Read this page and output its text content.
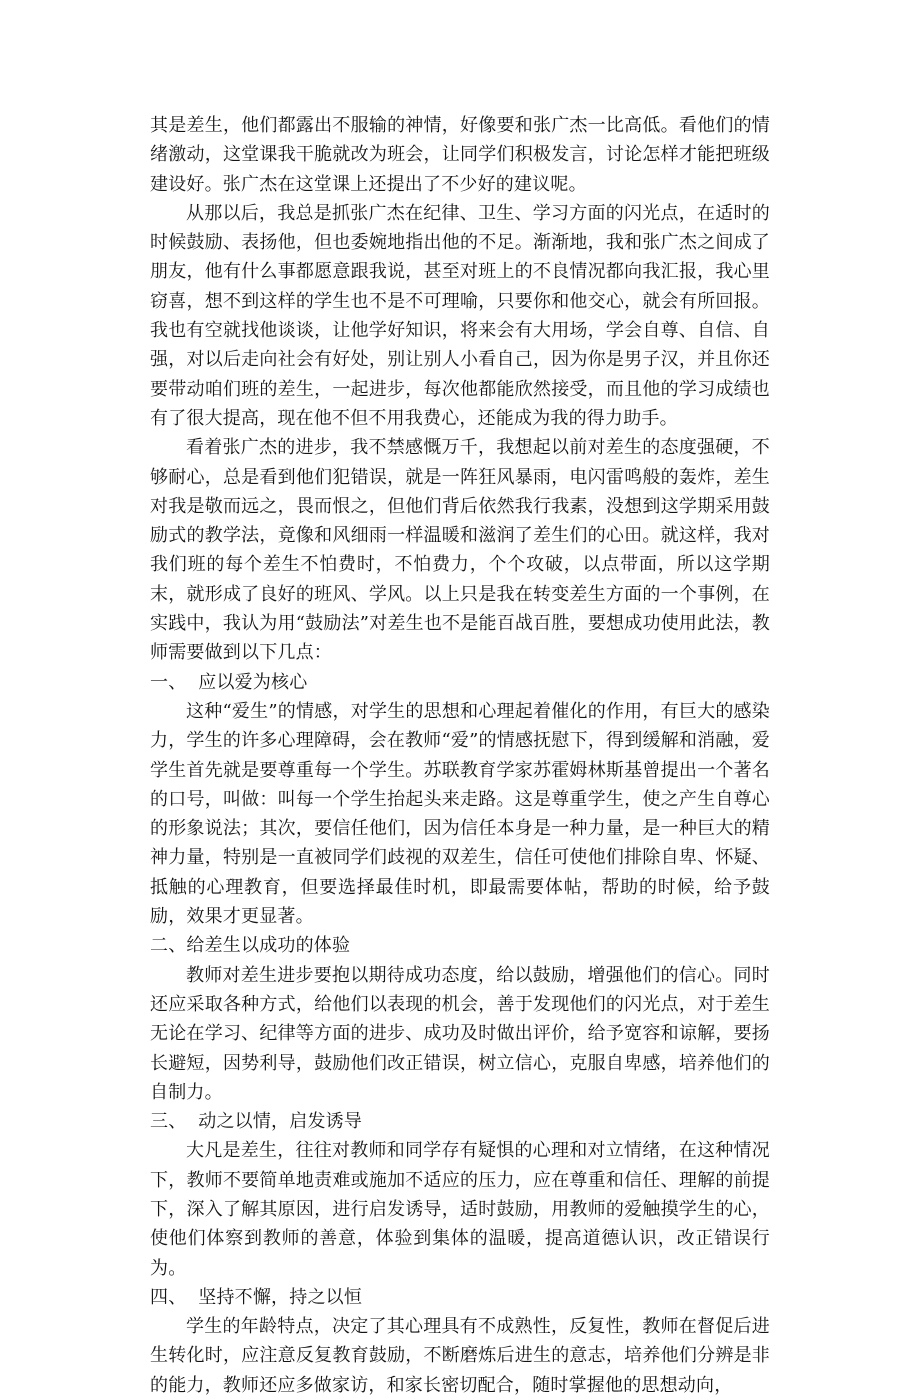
其是差生，他们都露出不服输的神情，好像要和张广杰一比高低。看他们的情绪激动，这堂课我干脆就改为班会，让同学们积极发言，讨论怎样才能把班级建设好。张广杰在这堂课上还提出了不少好的建议呢。

从那以后，我总是抓张广杰在纪律、卫生、学习方面的闪光点，在适时的时候鼓励、表扬他，但也委婉地指出他的不足。渐渐地，我和张广杰之间成了朋友，他有什么事都愿意跟我说，甚至对班上的不良情况都向我汇报，我心里窃喜，想不到这样的学生也不是不可理喻，只要你和他交心，就会有所回报。我也有空就找他谈谈，让他学好知识，将来会有大用场，学会自尊、自信、自强，对以后走向社会有好处，别让别人小看自己，因为你是男子汉，并且你还要带动咱们班的差生，一起进步，每次他都能欣然接受，而且他的学习成绩也有了很大提高，现在他不但不用我费心，还能成为我的得力助手。

看着张广杰的进步，我不禁感慨万千，我想起以前对差生的态度强硬，不够耐心，总是看到他们犯错误，就是一阵狂风暴雨，电闪雷鸣般的轰炸，差生对我是敬而远之，畏而恨之，但他们背后依然我行我素，没想到这学期采用鼓励式的教学法，竟像和风细雨一样温暖和滋润了差生们的心田。就这样，我对我们班的每个差生不怕费时，不怕费力，个个攻破，以点带面，所以这学期末，就形成了良好的班风、学风。以上只是我在转变差生方面的一个事例，在实践中，我认为用“鼓励法”对差生也不是能百战百胜，要想成功使用此法，教师需要做到以下几点：

一、  应以爱为核心

这种“爱生”的情感，对学生的思想和心理起着催化的作用，有巨大的感染力，学生的许多心理障碍，会在教师“爱”的情感抚慰下，得到缓解和消融，爱学生首先就是要尊重每一个学生。苏联教育学家苏霍姆林斯基曾提出一个著名的口号，叫做：叫每一个学生抬起头来走路。这是尊重学生，使之产生自尊心的形象说法；其次，要信任他们，因为信任本身是一种力量，是一种巨大的精神力量，特别是一直被同学们歧视的双差生，信任可使他们排除自卑、怀疑、抵触的心理教育，但要选择最佳时机，即最需要体帖，帮助的时候，给予鼓励，效果才更显著。

二、给差生以成功的体验

教师对差生进步要抱以期待成功态度，给以鼓励，增强他们的信心。同时还应采取各种方式，给他们以表现的机会，善于发现他们的闪光点，对于差生无论在学习、纪律等方面的进步、成功及时做出评价，给予宽容和谅解，要扬长避短，因势利导，鼓励他们改正错误，树立信心，克服自卑感，培养他们的自制力。

三、  动之以情，启发诱导

大凡是差生，往往对教师和同学存有疑惧的心理和对立情绪，在这种情况下，教师不要简单地责难或施加不适应的压力，应在尊重和信任、理解的前提下，深入了解其原因，进行启发诱导，适时鼓励，用教师的爱触摸学生的心，使他们体察到教师的善意，体验到集体的温暖，提高道德认识，改正错误行为。

四、  坚持不懈，持之以恒

学生的年龄特点，决定了其心理具有不成熟性，反复性，教师在督促后进生转化时，应注意反复教育鼓励，不断磨炼后进生的意志，培养他们分辨是非的能力，教师还应多做家访，和家长密切配合，随时掌握他的思想动向，
